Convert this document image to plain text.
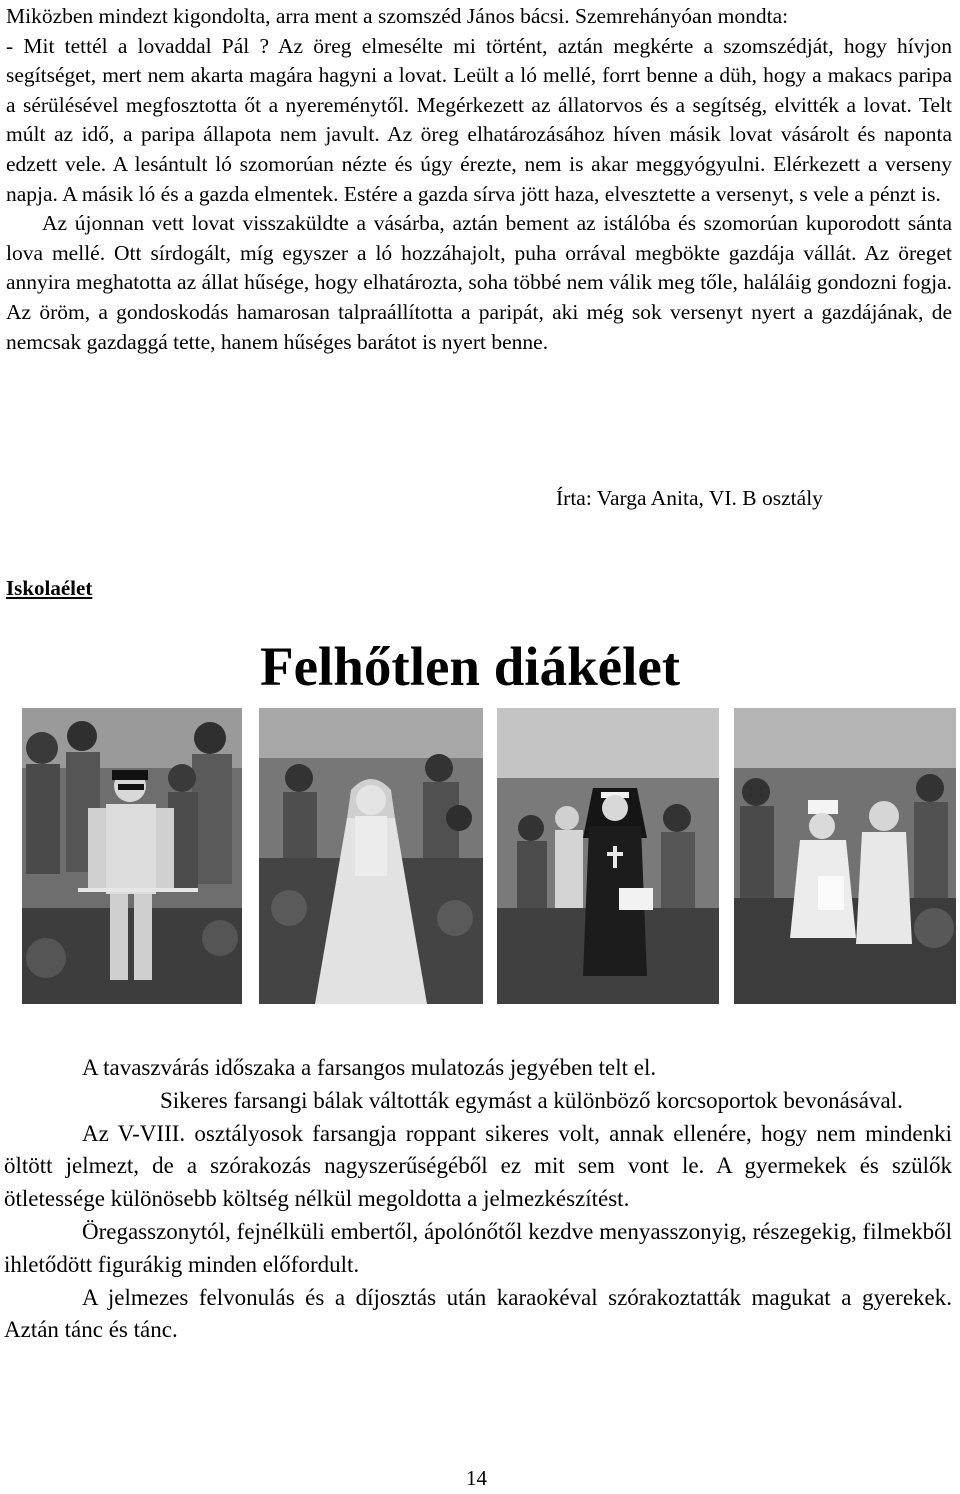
Miközben mindezt kigondolta, arra ment a szomszéd János bácsi. Szemrehányóan mondta:

- Mit tettél a lovaddal Pál ? Az öreg elmesélte mi történt, aztán megkérte a szomszédját, hogy hívjon segítséget, mert nem akarta magára hagyni a lovat. Leült a ló mellé, forrt benne a düh, hogy a makacs paripa a sérülésével megfosztotta őt a nyereménytől. Megérkezett az állatorvos és a segítség, elvitték a lovat. Telt múlt az idő, a paripa állapota nem javult. Az öreg elhatározásához híven másik lovat vásárolt és naponta edzett vele. A lesántult ló szomorúan nézte és úgy érezte, nem is akar meggyógyulni. Elérkezett a verseny napja. A másik ló és a gazda elmentek. Estére a gazda sírva jött haza, elvesztette a versenyt, s vele a pénzt is.

Az újonnan vett lovat visszaküldte a vásárba, aztán bement az istálóba és szomorúan kuporodott sánta lova mellé. Ott sírdogált, míg egyszer a ló hozzáhajolt, puha orrával megbökte gazdája vállát. Az öreget annyira meghatotta az állat hűsége, hogy elhatározta, soha többé nem válik meg tőle, haláláig gondozni fogja. Az öröm, a gondoskodás hamarosan talpraállította a paripát, aki még sok versenyt nyert a gazdájának, de nemcsak gazdaggá tette, hanem hűséges barátot is nyert benne.

Írta: Varga Anita, VI. B osztály
Iskolaélet
Felhőtlen diákélet

A tavaszvárás időszaka a farsangos mulatozás jegyében telt el.

Sikeres farsangi bálak váltották egymást a különböző korcsoportok bevonásával.

Az V-VIII. osztályosok farsangja roppant sikeres volt, annak ellenére, hogy nem mindenki öltött jelmezt, de a szórakozás nagyszerűségéből ez mit sem vont le. A gyermekek és szülők ötletessége különösebb költség nélkül megoldotta a jelmezkészítést.

Öregasszonytól, fejnélküli embertől, ápolónőtől kezdve menyasszonyig, részegekig, filmekből ihletődött figurákig minden előfordult.

A jelmezes felvonulás és a díjosztás után karaokéval szórakoztatták magukat a gyerekek. Aztán tánc és tánc.

14
